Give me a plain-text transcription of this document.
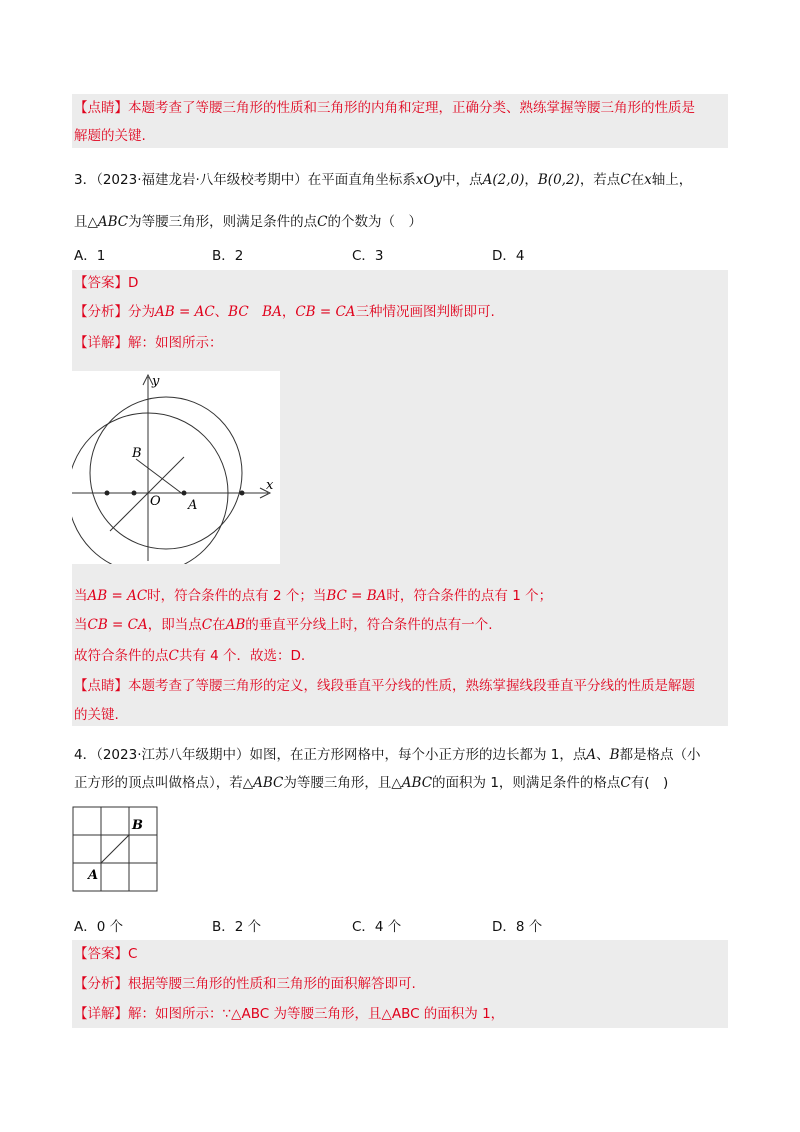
【点睛】本题考查了等腰三角形的性质和三角形的内角和定理，正确分类、熟练掌握等腰三角形的性质是
解题的关键.
3．（2023·福建龙岩·八年级校考期中）在平面直角坐标系xOy中，点A(2,0)，B(0,2)，若点C在x轴上，
且△ABC为等腰三角形，则满足条件的点C的个数为（　）
A．1	B．2	C．3	D．4
【答案】D
【分析】分为AB = AC、BC　BA，CB = CA三种情况画图判断即可.
【详解】解：如图所示：
y
x
B
O A
当AB = AC时，符合条件的点有 2 个；当BC = BA时，符合条件的点有 1 个；
当CB = CA，即当点C在AB的垂直平分线上时，符合条件的点有一个.
故符合条件的点C共有 4 个．故选：D.
【点睛】本题考查了等腰三角形的定义，线段垂直平分线的性质，熟练掌握线段垂直平分线的性质是解题
的关键.
4．（2023·江苏八年级期中）如图，在正方形网格中，每个小正方形的边长都为 1，点A、B都是格点（小
正方形的顶点叫做格点），若△ABC为等腰三角形，且△ABC的面积为 1，则满足条件的格点C有(　)
B
A
A．0 个	B．2 个	C．4 个	D．8 个
【答案】C
【分析】根据等腰三角形的性质和三角形的面积解答即可.
【详解】解：如图所示：∵△ABC 为等腰三角形，且△ABC 的面积为 1，
